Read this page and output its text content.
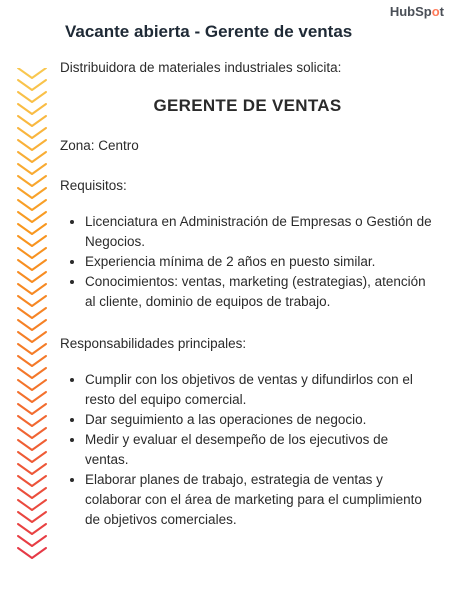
Vacante abierta - Gerente de ventas
HubSpot

Distribuidora de materiales industriales solicita:

GERENTE DE VENTAS

Zona: Centro

Requisitos:

• Licenciatura en Administración de Empresas o Gestión de Negocios.
• Experiencia mínima de 2 años en puesto similar.
• Conocimientos: ventas, marketing (estrategias), atención al cliente, dominio de equipos de trabajo.

Responsabilidades principales:

• Cumplir con los objetivos de ventas y difundirlos con el resto del equipo comercial.
• Dar seguimiento a las operaciones de negocio.
• Medir y evaluar el desempeño de los ejecutivos de ventas.
• Elaborar planes de trabajo, estrategia de ventas y colaborar con el área de marketing para el cumplimiento de objetivos comerciales.
